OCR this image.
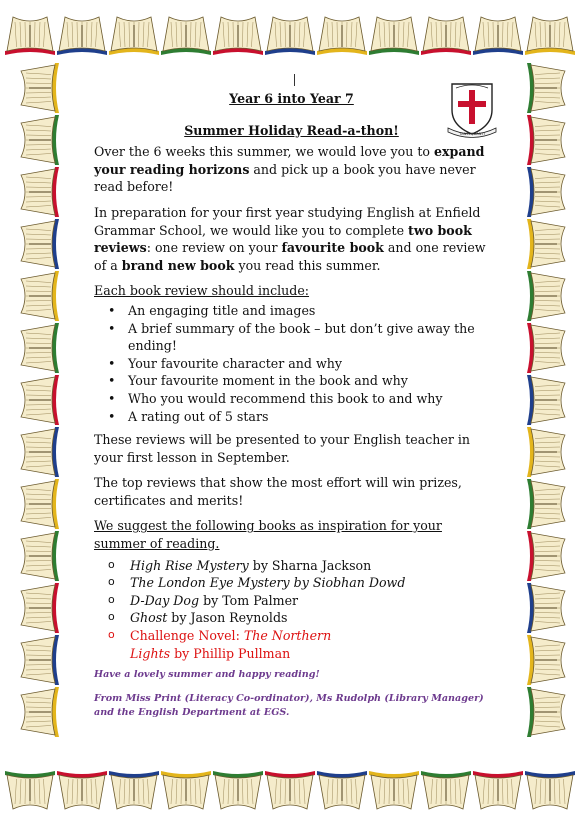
TANTI QUANTI
Year 6 into Year 7
Summer Holiday Read-a-thon!

Over the 6 weeks this summer, we would love you to expand your reading horizons and pick up a book you have never read before!

In preparation for your first year studying English at Enfield Grammar School, we would like you to complete two book reviews: one review on your favourite book and one review of a brand new book you read this summer.

Each book review should include:
• An engaging title and images
• A brief summary of the book – but don’t give away the ending!
• Your favourite character and why
• Your favourite moment in the book and why
• Who you would recommend this book to and why
• A rating out of 5 stars

These reviews will be presented to your English teacher in your first lesson in September.

The top reviews that show the most effort will win prizes, certificates and merits!

We suggest the following books as inspiration for your summer of reading.
o High Rise Mystery by Sharna Jackson
o The London Eye Mystery by Siobhan Dowd
o D-Day Dog by Tom Palmer
o Ghost by Jason Reynolds
o Challenge Novel: The Northern Lights by Phillip Pullman
Have a lovely summer and happy reading!
From Miss Print (Literacy Co-ordinator), Ms Rudolph (Library Manager) and the English Department at EGS.
